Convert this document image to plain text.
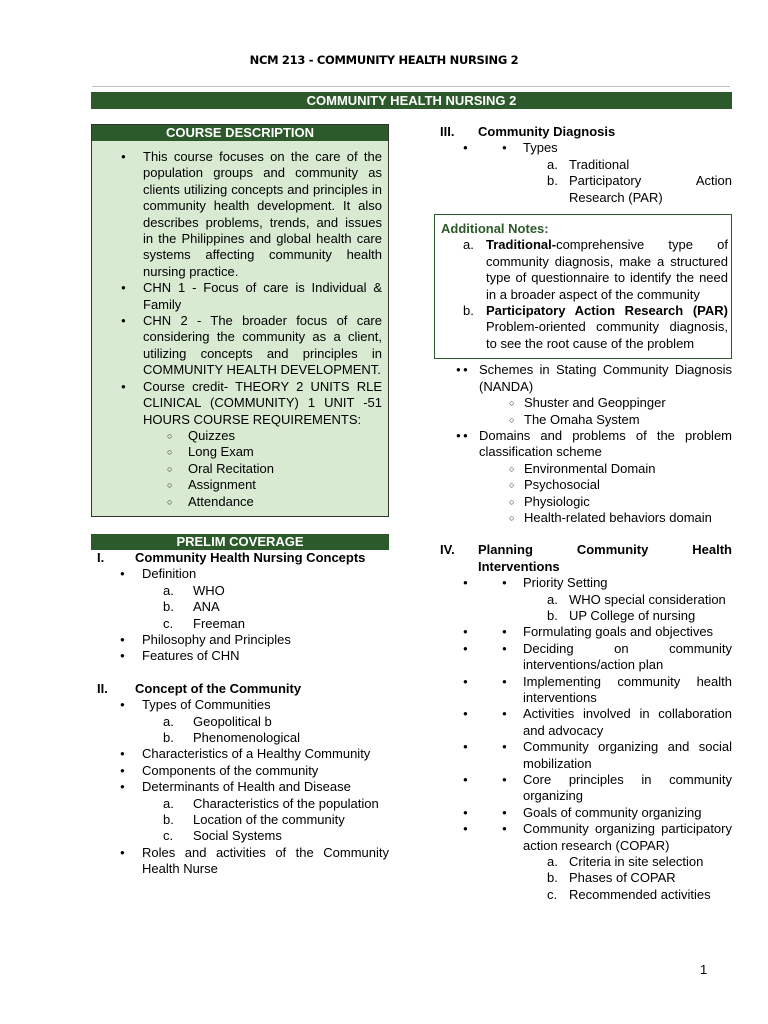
NCM 213 - COMMUNITY HEALTH NURSING 2
COMMUNITY HEALTH NURSING 2
COURSE DESCRIPTION
● This course focuses on the care of the population groups and community as clients utilizing concepts and principles in community health development. It also describes problems, trends, and issues in the Philippines and global health care systems affecting community health nursing practice.
● CHN 1 - Focus of care is Individual & Family
● CHN 2 - The broader focus of care considering the community as a client, utilizing concepts and principles in COMMUNITY HEALTH DEVELOPMENT.
● Course credit- THEORY 2 UNITS RLE CLINICAL (COMMUNITY) 1 UNIT -51 HOURS COURSE REQUIREMENTS:
○ Quizzes
○ Long Exam
○ Oral Recitation
○ Assignment
○ Attendance
PRELIM COVERAGE
I. Community Health Nursing Concepts
● Definition
a. WHO
b. ANA
c. Freeman
● Philosophy and Principles
● Features of CHN
II. Concept of the Community
● Types of Communities
a. Geopolitical b
b. Phenomenological
● Characteristics of a Healthy Community
● Components of the community
● Determinants of Health and Disease
a. Characteristics of the population
b. Location of the community
c. Social Systems
● Roles and activities of the Community Health Nurse
III. Community Diagnosis
● ● Types
a. Traditional
b. Participatory Action Research (PAR)
Additional Notes:
a. Traditional-comprehensive type of community diagnosis, make a structured type of questionnaire to identify the need in a broader aspect of the community
b. Participatory Action Research (PAR) Problem-oriented community diagnosis, to see the root cause of the problem
● ● Schemes in Stating Community Diagnosis (NANDA)
○ Shuster and Geoppinger
○ The Omaha System
● ● Domains and problems of the problem classification scheme
○ Environmental Domain
○ Psychosocial
○ Physiologic
○ Health-related behaviors domain
IV. Planning Community Health Interventions
● ● Priority Setting
a. WHO special consideration
b. UP College of nursing
● ● Formulating goals and objectives
● ● Deciding on community interventions/action plan
● ● Implementing community health interventions
● ● Activities involved in collaboration and advocacy
● ● Community organizing and social mobilization
● ● Core principles in community organizing
● ● Goals of community organizing
● ● Community organizing participatory action research (COPAR)
a. Criteria in site selection
b. Phases of COPAR
c. Recommended activities
1
